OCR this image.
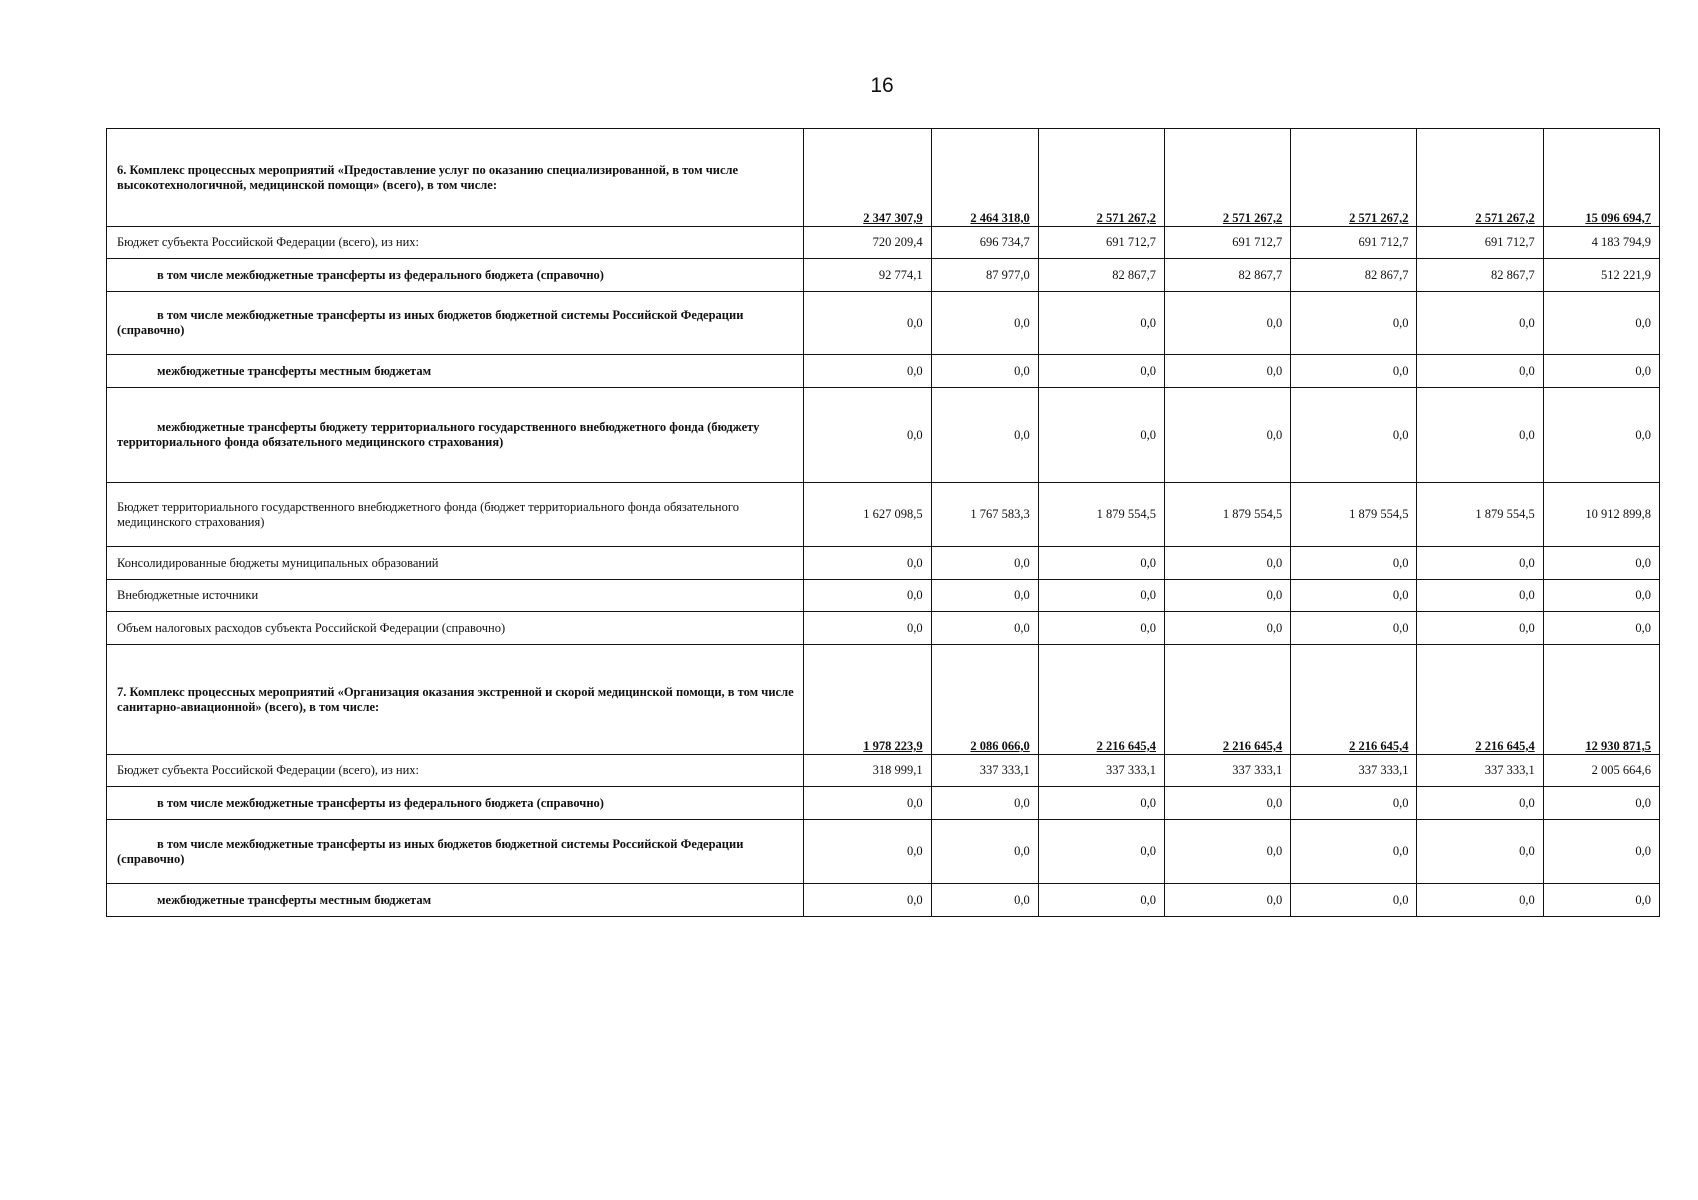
16
6. Комплекс процессных мероприятий «Предоставление услуг по оказанию специализированной, в том числе высокотехнологичной, медицинской помощи» (всего), в том числе:	2 347 307,9	2 464 318,0	2 571 267,2	2 571 267,2	2 571 267,2	2 571 267,2	15 096 694,7
Бюджет субъекта Российской Федерации (всего), из них:	720 209,4	696 734,7	691 712,7	691 712,7	691 712,7	691 712,7	4 183 794,9
в том числе межбюджетные трансферты из федерального бюджета (справочно)	92 774,1	87 977,0	82 867,7	82 867,7	82 867,7	82 867,7	512 221,9
в том числе межбюджетные трансферты из иных бюджетов бюджетной системы Российской Федерации (справочно)	0,0	0,0	0,0	0,0	0,0	0,0	0,0
межбюджетные трансферты местным бюджетам	0,0	0,0	0,0	0,0	0,0	0,0	0,0
межбюджетные трансферты бюджету территориального государственного внебюджетного фонда (бюджету территориального фонда обязательного медицинского страхования)	0,0	0,0	0,0	0,0	0,0	0,0	0,0
Бюджет территориального государственного внебюджетного фонда (бюджет территориального фонда обязательного медицинского страхования)	1 627 098,5	1 767 583,3	1 879 554,5	1 879 554,5	1 879 554,5	1 879 554,5	10 912 899,8
Консолидированные бюджеты муниципальных образований	0,0	0,0	0,0	0,0	0,0	0,0	0,0
Внебюджетные источники	0,0	0,0	0,0	0,0	0,0	0,0	0,0
Объем налоговых расходов субъекта Российской Федерации (справочно)	0,0	0,0	0,0	0,0	0,0	0,0	0,0
7. Комплекс процессных мероприятий «Организация оказания экстренной и скорой медицинской помощи, в том числе санитарно-авиационной» (всего), в том числе:	1 978 223,9	2 086 066,0	2 216 645,4	2 216 645,4	2 216 645,4	2 216 645,4	12 930 871,5
Бюджет субъекта Российской Федерации (всего), из них:	318 999,1	337 333,1	337 333,1	337 333,1	337 333,1	337 333,1	2 005 664,6
в том числе межбюджетные трансферты из федерального бюджета (справочно)	0,0	0,0	0,0	0,0	0,0	0,0	0,0
в том числе межбюджетные трансферты из иных бюджетов бюджетной системы Российской Федерации (справочно)	0,0	0,0	0,0	0,0	0,0	0,0	0,0
межбюджетные трансферты местным бюджетам	0,0	0,0	0,0	0,0	0,0	0,0	0,0
